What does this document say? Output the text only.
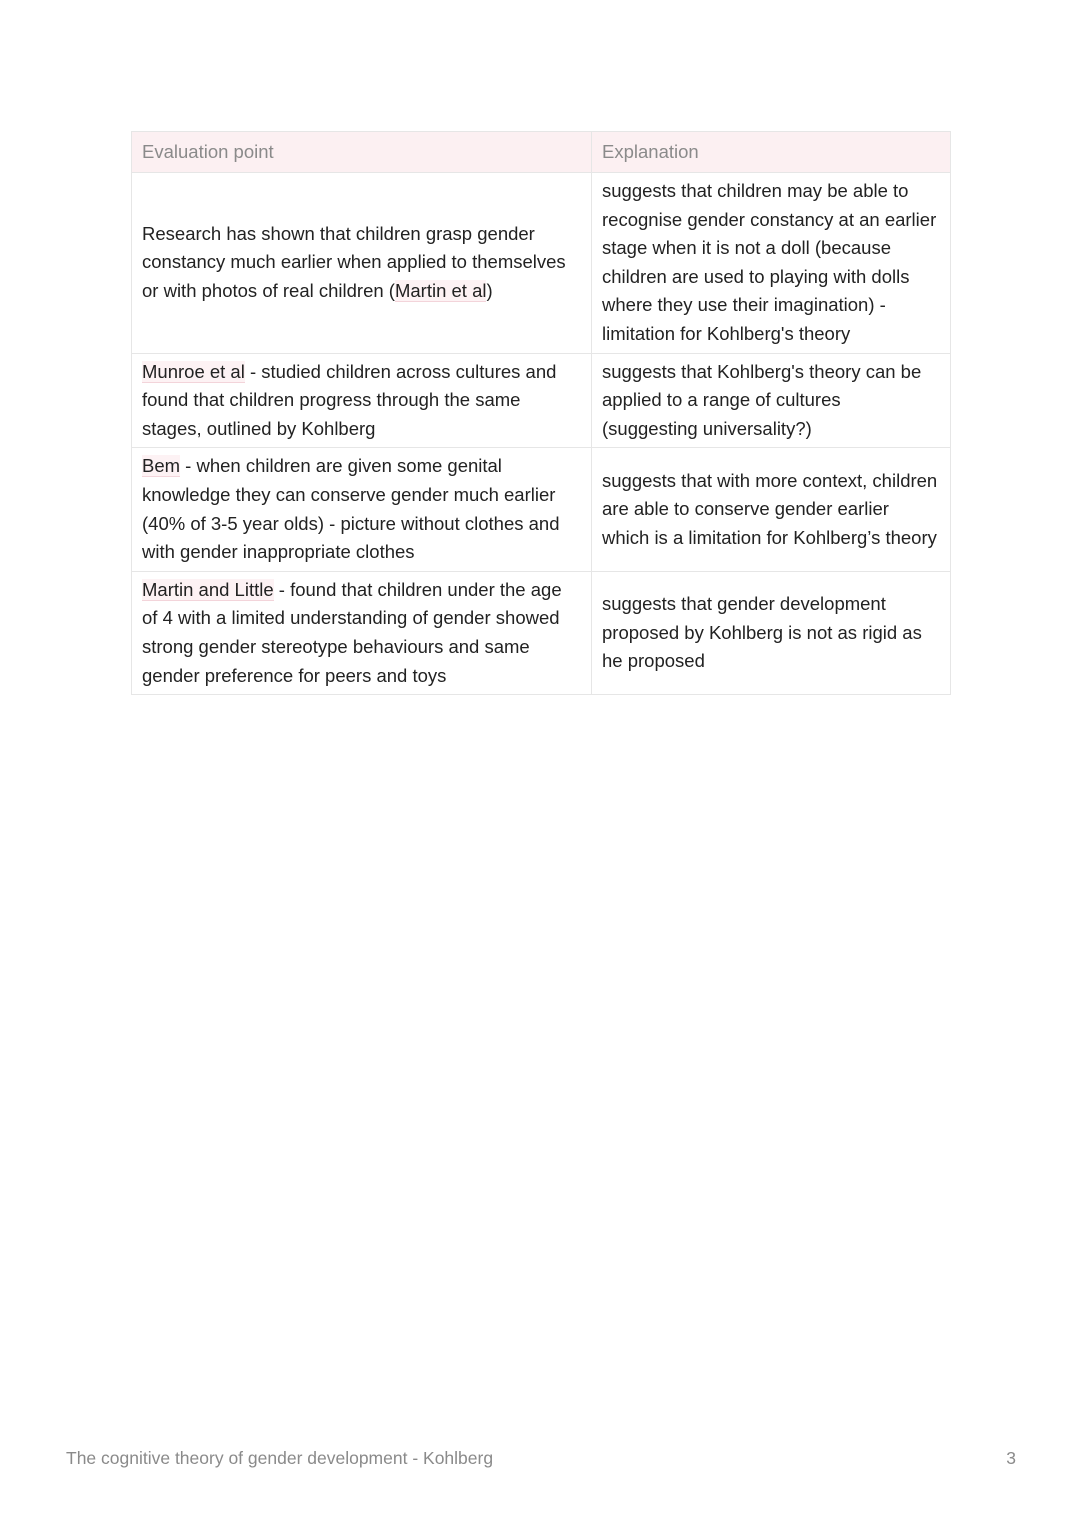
Evaluation point	Explanation
Research has shown that children grasp gender constancy much earlier when applied to themselves or with photos of real children (Martin et al)	suggests that children may be able to recognise gender constancy at an earlier stage when it is not a doll (because children are used to playing with dolls where they use their imagination) - limitation for Kohlberg's theory
Munroe et al - studied children across cultures and found that children progress through the same stages, outlined by Kohlberg	suggests that Kohlberg's theory can be applied to a range of cultures (suggesting universality?)
Bem - when children are given some genital knowledge they can conserve gender much earlier (40% of 3-5 year olds) - picture without clothes and with gender inappropriate clothes	suggests that with more context, children are able to conserve gender earlier which is a limitation for Kohlberg’s theory
Martin and Little - found that children under the age of 4 with a limited understanding of gender showed strong gender stereotype behaviours and same gender preference for peers and toys	suggests that gender development proposed by Kohlberg is not as rigid as he proposed
The cognitive theory of gender development - Kohlberg	3
